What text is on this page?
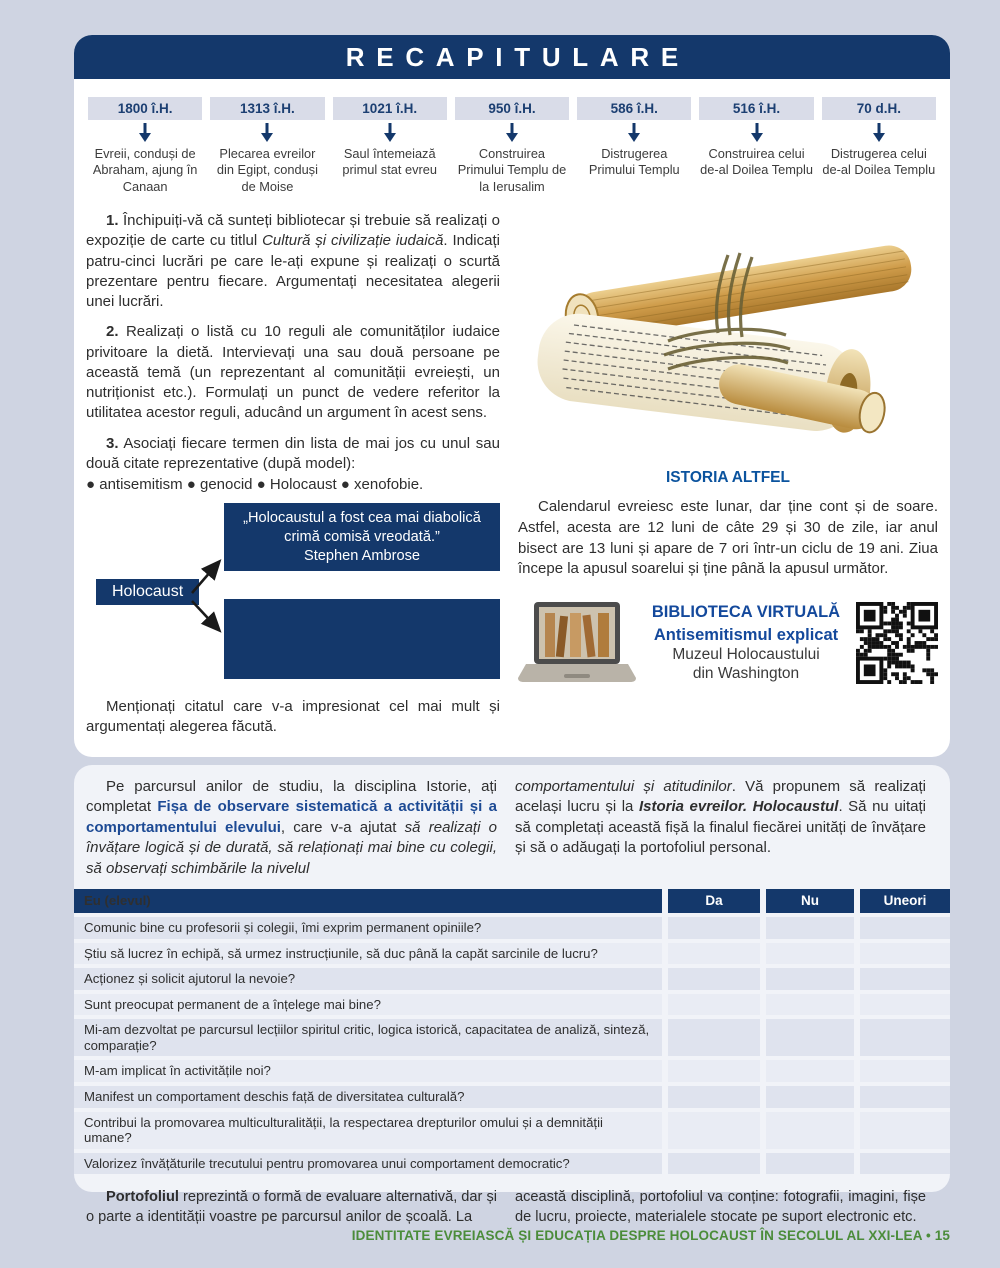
RECAPITULARE
1800 î.H.
Evreii, conduși de Abraham, ajung în Canaan
1313 î.H.
Plecarea evreilor din Egipt, conduși de Moise
1021 î.H.
Saul întemeiază primul stat evreu
950 î.H.
Construirea Primului Templu de la Ierusalim
586 î.H.
Distrugerea Primului Templu
516 î.H.
Construirea celui de-al Doilea Templu
70 d.H.
Distrugerea celui de-al Doilea Templu

1. Închipuiți-vă că sunteți bibliotecar și trebuie să realizați o expoziție de carte cu titlul Cultură și civilizație iudaică. Indicați patru-cinci lucrări pe care le-ați expune și realizați o scurtă prezentare pentru fiecare. Argumentați necesitatea alegerii unei lucrări.

2. Realizați o listă cu 10 reguli ale comunităților iudaice privitoare la dietă. Intervievați una sau două persoane pe această temă (un reprezentant al comunității evreiești, un nutriționist etc.). Formulați un punct de vedere referitor la utilitatea acestor reguli, aducând un argument în acest sens.

3. Asociați fiecare termen din lista de mai jos cu unul sau două citate reprezentative (după model):

● antisemitism ● genocid ● Holocaust ● xenofobie.
„Holocaustul a fost cea mai diabolică crimă comisă vreodată.”
Stephen Ambrose
Holocaust

Menționați citatul care v-a impresionat cel mai mult și argumentați alegerea făcută.

ISTORIA ALTFEL

Calendarul evreiesc este lunar, dar ține cont și de soare. Astfel, acesta are 12 luni de câte 29 și 30 de zile, iar anul bisect are 13 luni și apare de 7 ori într-un ciclu de 19 ani. Ziua începe la apusul soarelui și ține până la apusul următor.

BIBLIOTECA VIRTUALĂ

Antisemitismul explicat

Muzeul Holocaustului

din Washington

Pe parcursul anilor de studiu, la disciplina Istorie, ați completat Fișa de observare sistematică a activității și a comportamentului elevului, care v-a ajutat să realizați o învățare logică și de durată, să relaționați mai bine cu colegii, să observați schimbările la nivelul
comportamentului și atitudinilor. Vă propunem să realizați același lucru și la Istoria evreilor. Holocaustul. Să nu uitați să completați această fișă la finalul fiecărei unități de învățare și să o adăugați la portofoliul personal.
Eu (elevul)	Da	Nu	Uneori
Comunic bine cu profesorii și colegii, îmi exprim permanent opiniile?
Știu să lucrez în echipă, să urmez instrucțiunile, să duc până la capăt sarcinile de lucru?
Acționez și solicit ajutorul la nevoie?
Sunt preocupat permanent de a înțelege mai bine?
Mi-am dezvoltat pe parcursul lecțiilor spiritul critic, logica istorică, capacitatea de analiză, sinteză, comparație?
M-am implicat în activitățile noi?
Manifest un comportament deschis față de diversitatea culturală?
Contribui la promovarea multiculturalității, la respectarea drepturilor omului și a demnității umane?
Valorizez învățăturile trecutului pentru promovarea unui comportament democratic?
Portofoliul reprezintă o formă de evaluare alternativă, dar și o parte a identității voastre pe parcursul anilor de școală. La
această disciplină, portofoliul va conține: fotografii, imagini, fișe de lucru, proiecte, materialele stocate pe suport electronic etc.
IDENTITATE EVREIASCĂ ȘI EDUCAȚIA DESPRE HOLOCAUST ÎN SECOLUL AL XXI-LEA • 15
